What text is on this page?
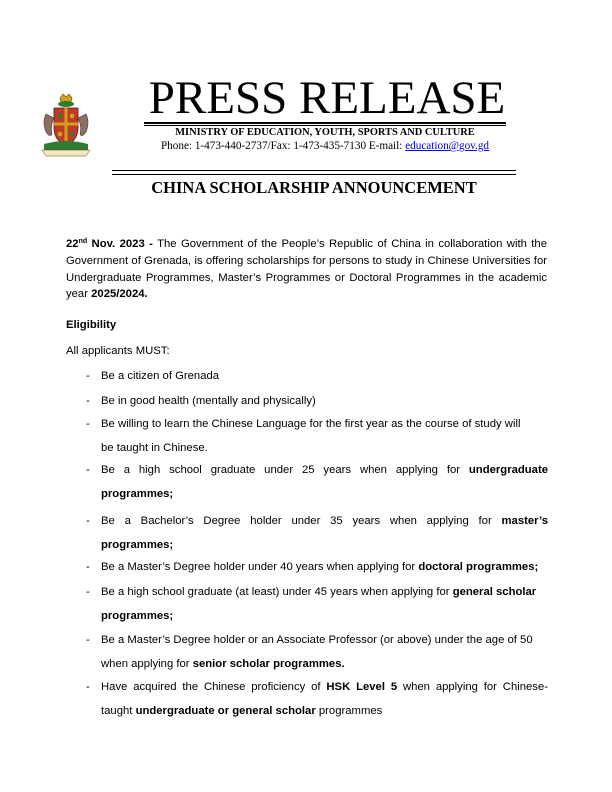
PRESS RELEASE
MINISTRY OF EDUCATION, YOUTH, SPORTS AND CULTURE
Phone: 1-473-440-2737/Fax: 1-473-435-7130 E-mail: education@gov.gd
CHINA SCHOLARSHIP ANNOUNCEMENT
22nd Nov. 2023 - The Government of the People’s Republic of China in collaboration with the Government of Grenada, is offering scholarships for persons to study in Chinese Universities for Undergraduate Programmes, Master’s Programmes or Doctoral Programmes in the academic year 2025/2024.
Eligibility
All applicants MUST:
- Be a citizen of Grenada
- Be in good health (mentally and physically)
- Be willing to learn the Chinese Language for the first year as the course of study will
be taught in Chinese.
- Be a high school graduate under 25 years when applying for undergraduate
programmes;
- Be a Bachelor’s Degree holder under 35 years when applying for master’s
programmes;
- Be a Master’s Degree holder under 40 years when applying for doctoral programmes;
- Be a high school graduate (at least) under 45 years when applying for general scholar
programmes;
- Be a Master’s Degree holder or an Associate Professor (or above) under the age of 50
when applying for senior scholar programmes.
- Have acquired the Chinese proficiency of HSK Level 5 when applying for Chinese-
taught undergraduate or general scholar programmes
